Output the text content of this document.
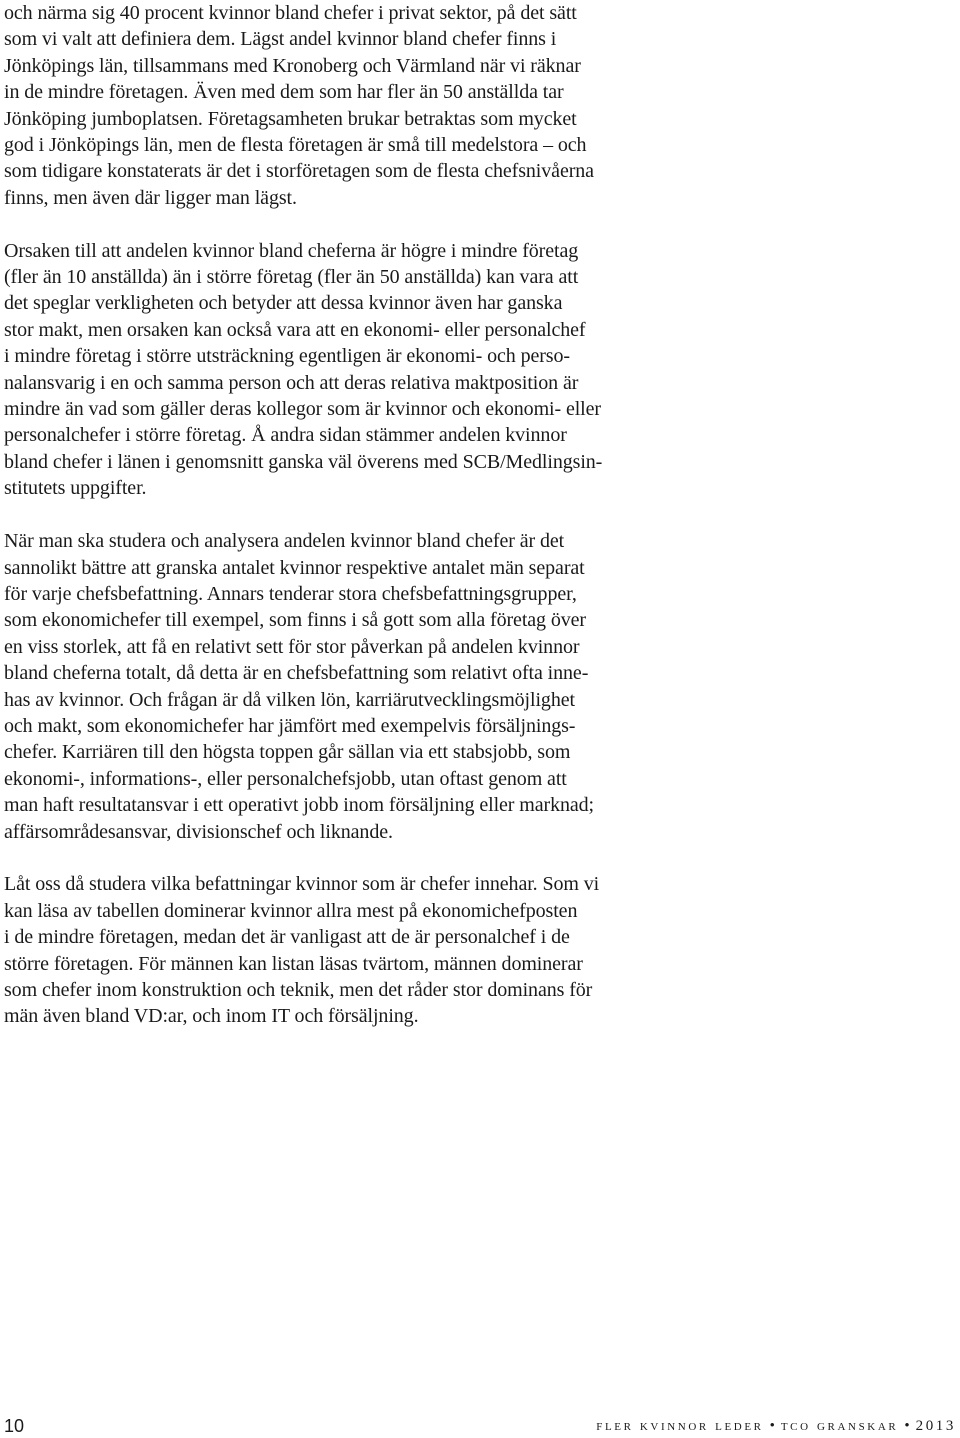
och närma sig 40 procent kvinnor bland chefer i privat sektor, på det sätt
som vi valt att definiera dem. Lägst andel kvinnor bland chefer finns i
Jönköpings län, tillsammans med Kronoberg och Värmland när vi räknar
in de mindre företagen. Även med dem som har fler än 50 anställda tar
Jönköping jumboplatsen. Företagsamheten brukar betraktas som mycket
god i Jönköpings län, men de flesta företagen är små till medelstora – och
som tidigare konstaterats är det i storföretagen som de flesta chefsnivåerna
finns, men även där ligger man lägst.

Orsaken till att andelen kvinnor bland cheferna är högre i mindre företag
(fler än 10 anställda) än i större företag (fler än 50 anställda) kan vara att
det speglar verkligheten och betyder att dessa kvinnor även har ganska
stor makt, men orsaken kan också vara att en ekonomi- eller personalchef
i mindre företag i större utsträckning egentligen är ekonomi- och perso-
nalansvarig i en och samma person och att deras relativa maktposition är
mindre än vad som gäller deras kollegor som är kvinnor och ekonomi- eller
personalchefer i större företag. Å andra sidan stämmer andelen kvinnor
bland chefer i länen i genomsnitt ganska väl överens med SCB/Medlingsin-
stitutets uppgifter.

När man ska studera och analysera andelen kvinnor bland chefer är det
sannolikt bättre att granska antalet kvinnor respektive antalet män separat
för varje chefsbefattning. Annars tenderar stora chefsbefattningsgrupper,
som ekonomichefer till exempel, som finns i så gott som alla företag över
en viss storlek, att få en relativt sett för stor påverkan på andelen kvinnor
bland cheferna totalt, då detta är en chefsbefattning som relativt ofta inne-
has av kvinnor. Och frågan är då vilken lön, karriärutvecklingsmöjlighet
och makt, som ekonomichefer har jämfört med exempelvis försäljnings-
chefer. Karriären till den högsta toppen går sällan via ett stabsjobb, som
ekonomi-, informations-, eller personalchefsjobb, utan oftast genom att
man haft resultatansvar i ett operativt jobb inom försäljning eller marknad;
affärsområdesansvar, divisionschef och liknande.

Låt oss då studera vilka befattningar kvinnor som är chefer innehar. Som vi
kan läsa av tabellen dominerar kvinnor allra mest på ekonomichefposten
i de mindre företagen, medan det är vanligast att de är personalchef i de
större företagen. För männen kan listan läsas tvärtom, männen dominerar
som chefer inom konstruktion och teknik, men det råder stor dominans för
män även bland VD:ar, och inom IT och försäljning.

10	fler kvinnor leder • tco granskar • 2013
